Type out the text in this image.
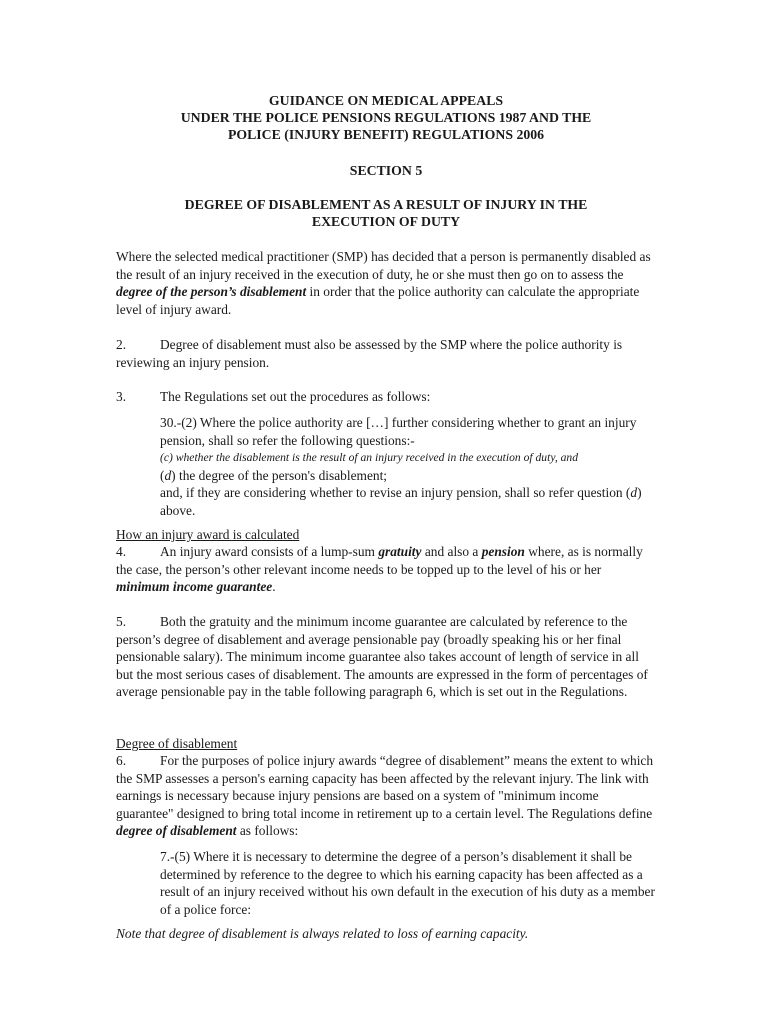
GUIDANCE ON MEDICAL APPEALS
UNDER THE POLICE PENSIONS REGULATIONS 1987 AND THE
POLICE (INJURY BENEFIT) REGULATIONS 2006
SECTION 5
DEGREE OF DISABLEMENT AS A RESULT OF INJURY IN THE
EXECUTION OF DUTY

Where the selected medical practitioner (SMP) has decided that a person is permanently disabled as the result of an injury received in the execution of duty, he or she must then go on to assess the degree of the person’s disablement in order that the police authority can calculate the appropriate level of injury award.

2.	Degree of disablement must also be assessed by the SMP where the police authority is reviewing an injury pension.

3.	The Regulations set out the procedures as follows:

30.-(2) Where the police authority are […] further considering whether to grant an injury pension, shall so refer the following questions:-
(c) whether the disablement is the result of an injury received in the execution of duty, and
(d) the degree of the person's disablement;
and, if they are considering whether to revise an injury pension, shall so refer question (d) above.
How an injury award is calculated

4.	An injury award consists of a lump-sum gratuity and also a pension where, as is normally the case, the person’s other relevant income needs to be topped up to the level of his or her minimum income guarantee.

5.	Both the gratuity and the minimum income guarantee are calculated by reference to the person’s degree of disablement and average pensionable pay (broadly speaking his or her final pensionable salary). The minimum income guarantee also takes account of length of service in all but the most serious cases of disablement. The amounts are expressed in the form of percentages of average pensionable pay in the table following paragraph 6, which is set out in the Regulations.

Degree of disablement

6.	For the purposes of police injury awards “degree of disablement” means the extent to which the SMP assesses a person's earning capacity has been affected by the relevant injury. The link with earnings is necessary because injury pensions are based on a system of "minimum income guarantee" designed to bring total income in retirement up to a certain level. The Regulations define degree of disablement as follows:

7.-(5) Where it is necessary to determine the degree of a person’s disablement it shall be determined by reference to the degree to which his earning capacity has been affected as a result of an injury received without his own default in the execution of his duty as a member of a police force:
Note that degree of disablement is always related to loss of earning capacity.
